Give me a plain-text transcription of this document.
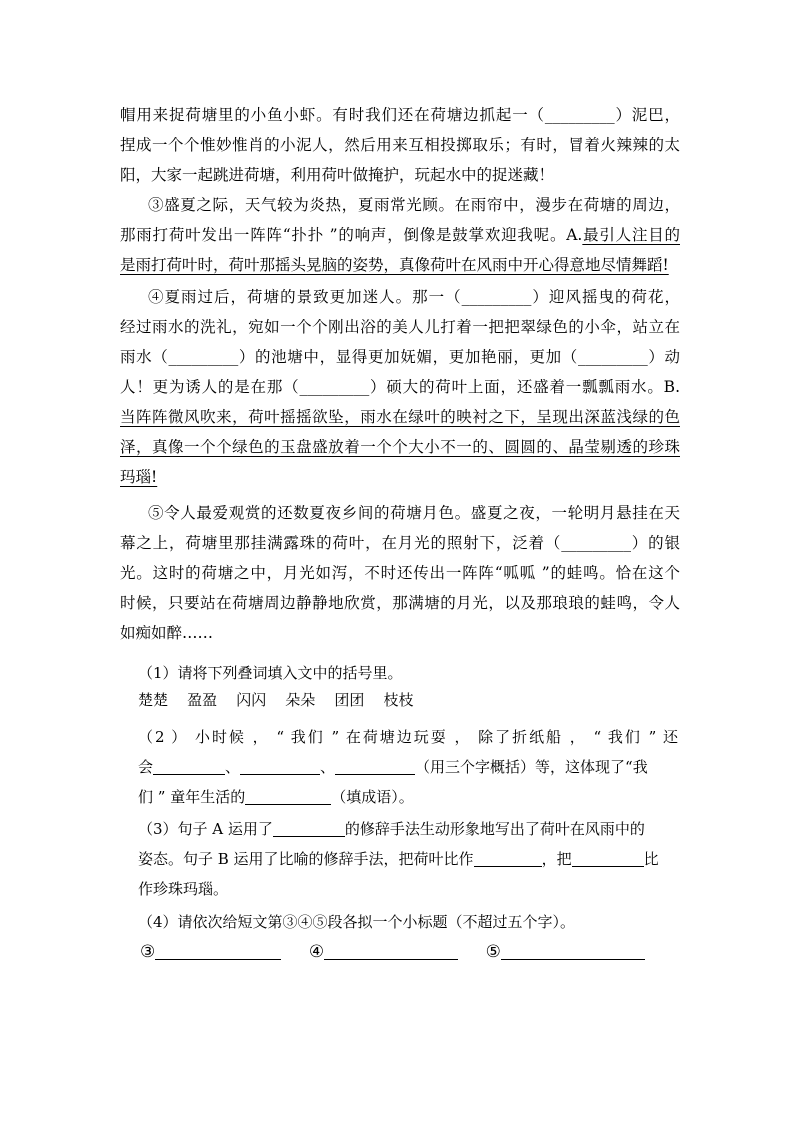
帽用来捉荷塘里的小鱼小虾。有时我们还在荷塘边抓起一（_________）泥巴，
捏成一个个惟妙惟肖的小泥人，然后用来互相投掷取乐；有时，冒着火辣辣的太
阳，大家一起跳进荷塘，利用荷叶做掩护，玩起水中的捉迷藏！
③盛夏之际，天气较为炎热，夏雨常光顾。在雨帘中，漫步在荷塘的周边，
那雨打荷叶发出一阵阵“扑扑 ”的响声，倒像是鼓掌欢迎我呢。A.最引人注目的
是雨打荷叶时，荷叶那摇头晃脑的姿势，真像荷叶在风雨中开心得意地尽情舞蹈!
④夏雨过后，荷塘的景致更加迷人。那一（_________）迎风摇曳的荷花，
经过雨水的洗礼，宛如一个个刚出浴的美人儿打着一把把翠绿色的小伞，站立在
雨水（_________）的池塘中，显得更加妩媚，更加艳丽，更加（_________）动
人！更为诱人的是在那（_________）硕大的荷叶上面，还盛着一瓢瓢雨水。B.
当阵阵微风吹来，荷叶摇摇欲坠，雨水在绿叶的映衬之下，呈现出深蓝浅绿的色
泽，真像一个个绿色的玉盘盛放着一个个大小不一的、圆圆的、晶莹剔透的珍珠
玛瑙!
⑤令人最爱观赏的还数夏夜乡间的荷塘月色。盛夏之夜，一轮明月悬挂在天
幕之上，荷塘里那挂满露珠的荷叶，在月光的照射下，泛着（_________）的银
光。这时的荷塘之中，月光如泻，不时还传出一阵阵“呱呱 ”的蛙鸣。恰在这个
时候，只要站在荷塘周边静静地欣赏，那满塘的月光，以及那琅琅的蛙鸣，令人
如痴如醉……
（1）请将下列叠词填入文中的括号里。
楚楚 盈盈 闪闪 朵朵 团团 枝枝
（2 ） 小时候 ， “ 我们 ” 在荷塘边玩耍 ， 除了折纸船 ， “ 我们 ” 还
会	、	、	（用三个字概括）等，这体现了“我
们 ” 童年生活的	（填成语）。
（3）句子 A 运用了	的修辞手法生动形象地写出了荷叶在风雨中的
姿态。句子 B 运用了比喻的修辞手法，把荷叶比作	，把	比
作珍珠玛瑙。
（4）请依次给短文第③④⑤段各拟一个小标题（不超过五个字）。
③	④	⑤
